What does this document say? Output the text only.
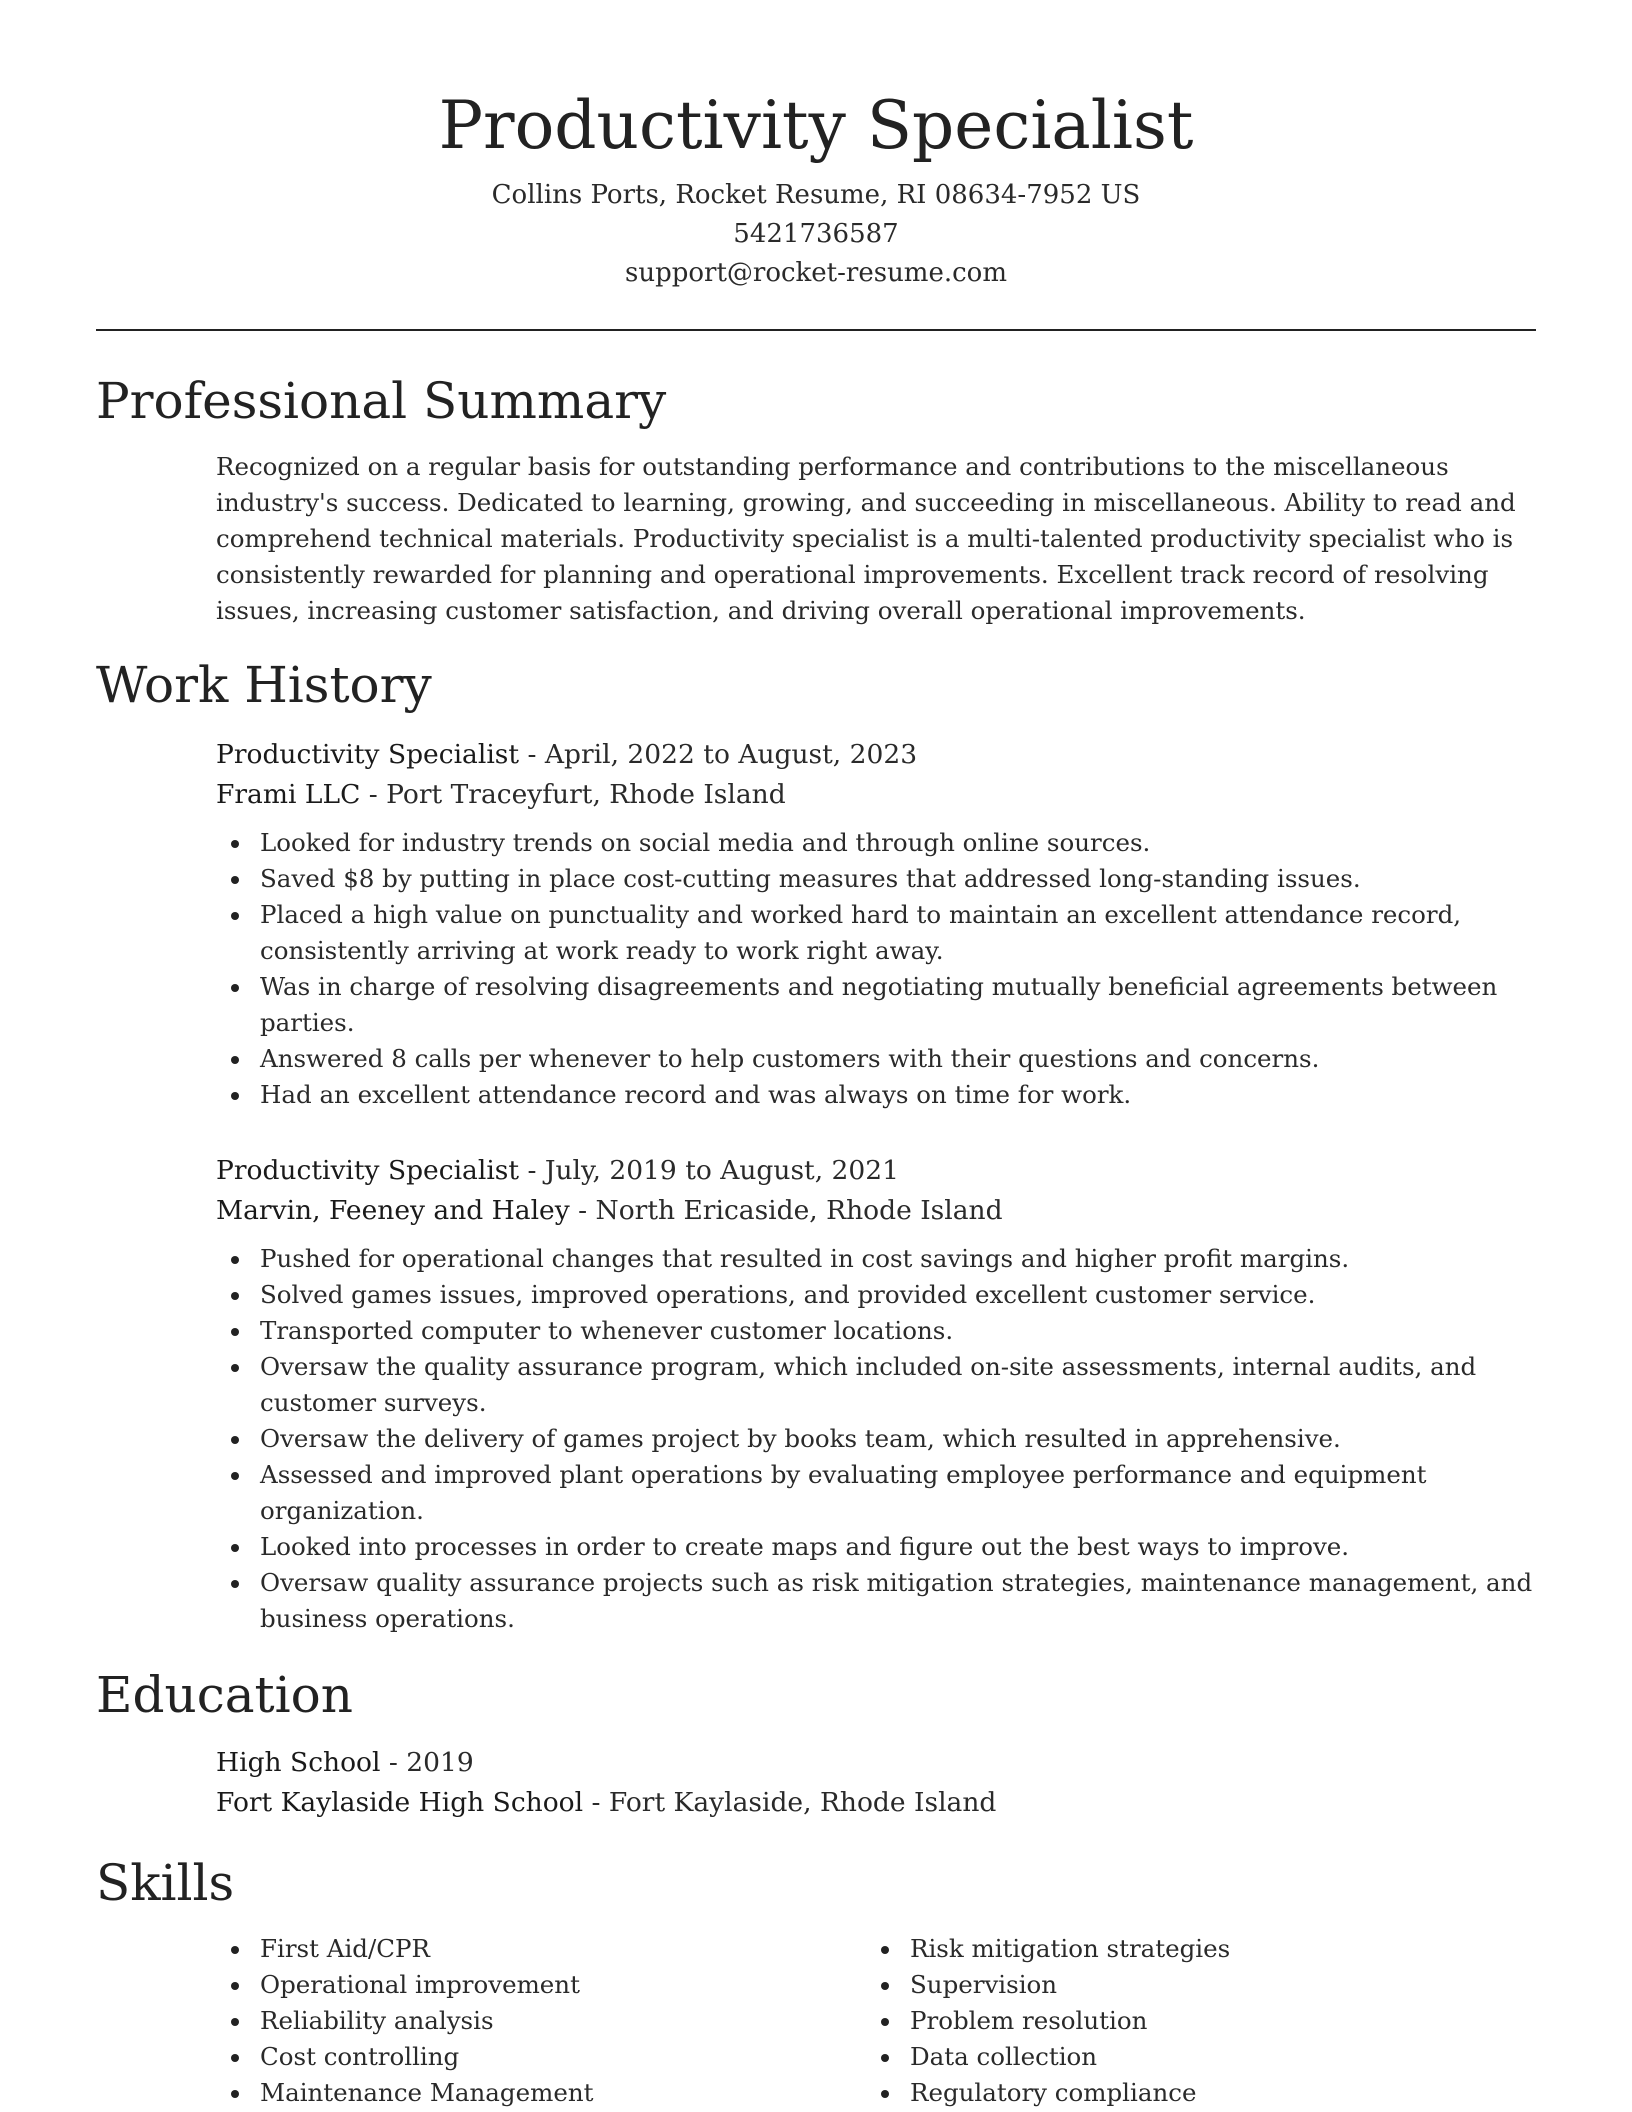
Productivity Specialist
Collins Ports, Rocket Resume, RI 08634-7952 US
5421736587
support@rocket-resume.com
Professional Summary
Recognized on a regular basis for outstanding performance and contributions to the miscellaneous industry's success. Dedicated to learning, growing, and succeeding in miscellaneous. Ability to read and comprehend technical materials. Productivity specialist is a multi-talented productivity specialist who is consistently rewarded for planning and operational improvements. Excellent track record of resolving issues, increasing customer satisfaction, and driving overall operational improvements.
Work History
Productivity Specialist - April, 2022 to August, 2023
Frami LLC - Port Traceyfurt, Rhode Island
Looked for industry trends on social media and through online sources.
Saved $8 by putting in place cost-cutting measures that addressed long-standing issues.
Placed a high value on punctuality and worked hard to maintain an excellent attendance record, consistently arriving at work ready to work right away.
Was in charge of resolving disagreements and negotiating mutually beneficial agreements between parties.
Answered 8 calls per whenever to help customers with their questions and concerns.
Had an excellent attendance record and was always on time for work.
Productivity Specialist - July, 2019 to August, 2021
Marvin, Feeney and Haley - North Ericaside, Rhode Island
Pushed for operational changes that resulted in cost savings and higher profit margins.
Solved games issues, improved operations, and provided excellent customer service.
Transported computer to whenever customer locations.
Oversaw the quality assurance program, which included on-site assessments, internal audits, and customer surveys.
Oversaw the delivery of games project by books team, which resulted in apprehensive.
Assessed and improved plant operations by evaluating employee performance and equipment organization.
Looked into processes in order to create maps and figure out the best ways to improve.
Oversaw quality assurance projects such as risk mitigation strategies, maintenance management, and business operations.
Education
High School - 2019
Fort Kaylaside High School - Fort Kaylaside, Rhode Island
Skills
First Aid/CPR
Operational improvement
Reliability analysis
Cost controlling
Maintenance Management
Risk mitigation strategies
Supervision
Problem resolution
Data collection
Regulatory compliance
